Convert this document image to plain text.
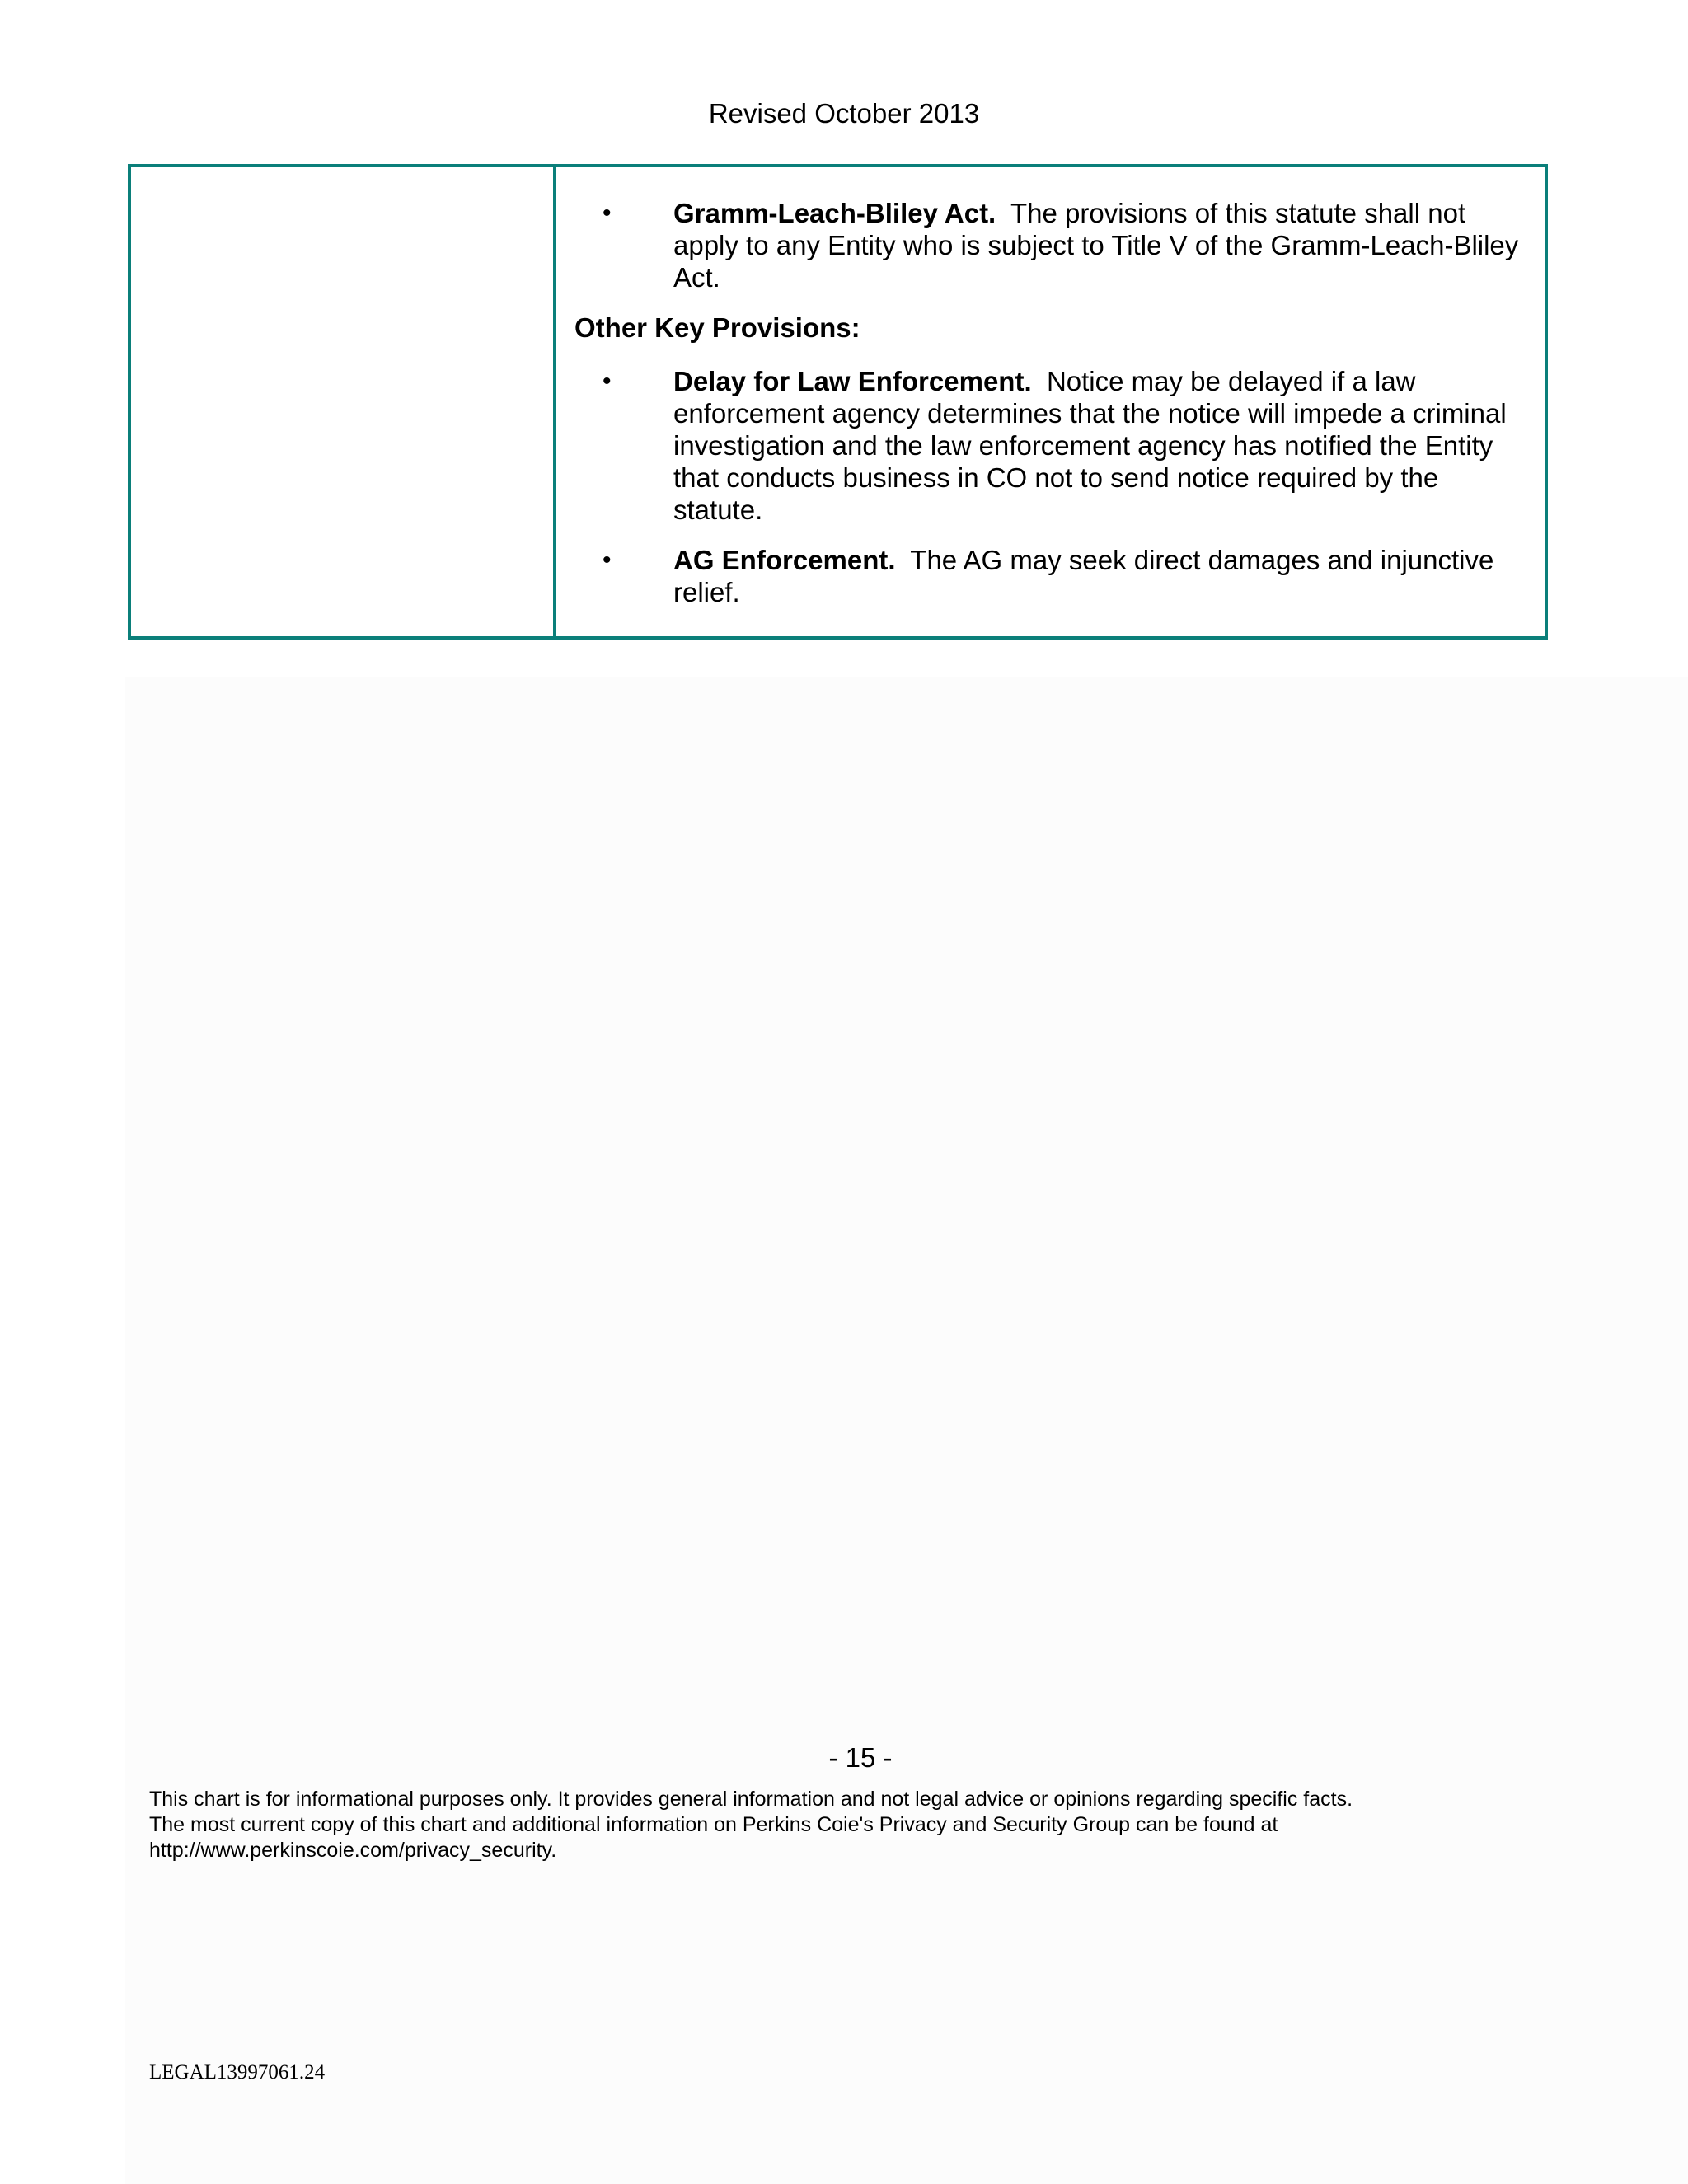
Revised October 2013
•	Gramm-Leach-Bliley Act. The provisions of this statute shall not apply to any Entity who is subject to Title V of the Gramm-Leach-Bliley Act.
Other Key Provisions:
•	Delay for Law Enforcement. Notice may be delayed if a law enforcement agency determines that the notice will impede a criminal investigation and the law enforcement agency has notified the Entity that conducts business in CO not to send notice required by the statute.
•	AG Enforcement. The AG may seek direct damages and injunctive relief.
- 15 -
This chart is for informational purposes only. It provides general information and not legal advice or opinions regarding specific facts.
The most current copy of this chart and additional information on Perkins Coie's Privacy and Security Group can be found at
http://www.perkinscoie.com/privacy_security.
LEGAL13997061.24
